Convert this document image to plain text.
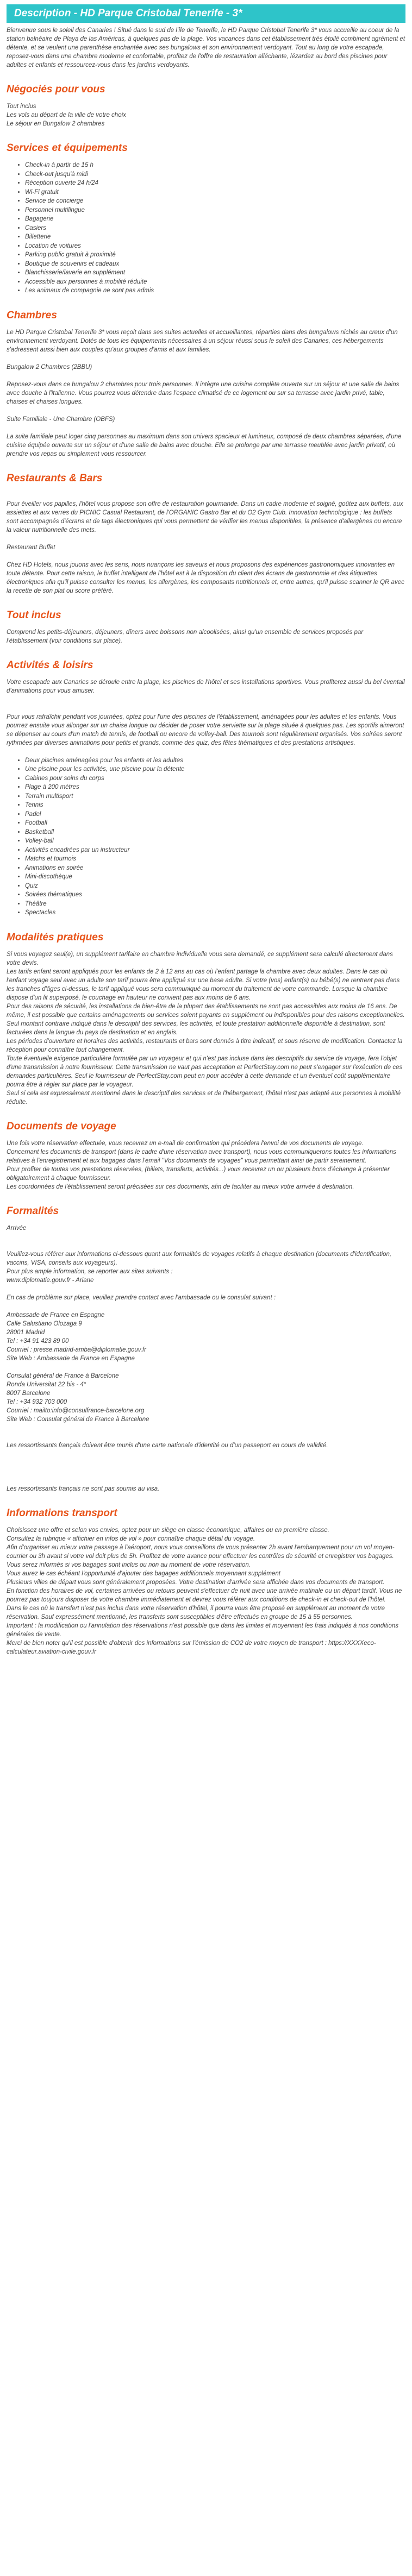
Description - HD Parque Cristobal Tenerife - 3*

Bienvenue sous le soleil des Canaries ! Situé dans le sud de l'île de Tenerife, le HD Parque Cristobal Tenerife 3* vous accueille au coeur de la station balnéaire de Playa de las Américas, à quelques pas de la plage. Vos vacances dans cet établissement très étoilé combinent agrément et détente, et se veulent une parenthèse enchantée avec ses bungalows et son environnement verdoyant. Tout au long de votre escapade, reposez-vous dans une chambre moderne et confortable, profitez de l'offre de restauration alléchante, lézardez au bord des piscines pour adultes et enfants et ressourcez-vous dans les jardins verdoyants.

Négociés pour vous

Tout inclus
Les vols au départ de la ville de votre choix
Le séjour en Bungalow 2 chambres

Services et équipements
• Check-in à partir de 15 h
• Check-out jusqu'à midi
• Réception ouverte 24 h/24
• Wi-Fi gratuit
• Service de concierge
• Personnel multilingue
• Bagagerie
• Casiers
• Billetterie
• Location de voitures
• Parking public gratuit à proximité
• Boutique de souvenirs et cadeaux
• Blanchisserie/laverie en supplément
• Accessible aux personnes à mobilité réduite
• Les animaux de compagnie ne sont pas admis
Chambres

Le HD Parque Cristobal Tenerife 3* vous reçoit dans ses suites actuelles et accueillantes, réparties dans des bungalows nichés au creux d'un environnement verdoyant. Dotés de tous les équipements nécessaires à un séjour réussi sous le soleil des Canaries, ces hébergements s'adressent aussi bien aux couples qu'aux groupes d'amis et aux familles.

Bungalow 2 Chambres (2BBU)

Reposez-vous dans ce bungalow 2 chambres pour trois personnes. Il intègre une cuisine complète ouverte sur un séjour et une salle de bains avec douche à l'italienne. Vous pourrez vous détendre dans l'espace climatisé de ce logement ou sur sa terrasse avec jardin privé, table, chaises et chaises longues.

Suite Familiale - Une Chambre (OBFS)

La suite familiale peut loger cinq personnes au maximum dans son univers spacieux et lumineux, composé de deux chambres séparées, d'une cuisine équipée ouverte sur un séjour et d'une salle de bains avec douche. Elle se prolonge par une terrasse meublée avec jardin privatif, où prendre vos repas ou simplement vous ressourcer.

Restaurants & Bars

Pour éveiller vos papilles, l'hôtel vous propose son offre de restauration gourmande. Dans un cadre moderne et soigné, goûtez aux buffets, aux assiettes et aux verres du PICNIC Casual Restaurant, de l'ORGANIC Gastro Bar et du O2 Gym Club. Innovation technologique : les buffets sont accompagnés d'écrans et de tags électroniques qui vous permettent de vérifier les menus disponibles, la présence d'allergènes ou encore la valeur nutritionnelle des mets.

Restaurant Buffet

Chez HD Hotels, nous jouons avec les sens, nous nuançons les saveurs et nous proposons des expériences gastronomiques innovantes en toute détente. Pour cette raison, le buffet intelligent de l'hôtel est à la disposition du client des écrans de gastronomie et des étiquettes électroniques afin qu'il puisse consulter les menus, les allergènes, les composants nutritionnels et, entre autres, qu'il puisse scanner le QR avec la recette de son plat ou score préféré.

Tout inclus

Comprend les petits-déjeuners, déjeuners, dîners avec boissons non alcoolisées, ainsi qu'un ensemble de services proposés par l'établissement (voir conditions sur place).

Activités & loisirs

Votre escapade aux Canaries se déroule entre la plage, les piscines de l'hôtel et ses installations sportives. Vous profiterez aussi du bel éventail d'animations pour vous amuser.

Pour vous rafraîchir pendant vos journées, optez pour l'une des piscines de l'établissement, aménagées pour les adultes et les enfants. Vous pourrez ensuite vous allonger sur un chaise longue ou décider de poser votre serviette sur la plage située à quelques pas. Les sportifs aimeront se dépenser au cours d'un match de tennis, de football ou encore de volley-ball. Des tournois sont régulièrement organisés. Vos soirées seront rythmées par diverses animations pour petits et grands, comme des quiz, des fêtes thématiques et des prestations artistiques.

• Deux piscines aménagées pour les enfants et les adultes
• Une piscine pour les activités, une piscine pour la détente
• Cabines pour soins du corps
• Plage à 200 mètres
• Terrain multisport
• Tennis
• Padel
• Football
• Basketball
• Volley-ball
• Activités encadrées par un instructeur
• Matchs et tournois
• Animations en soirée
• Mini-discothèque
• Quiz
• Soirées thématiques
• Théâtre
• Spectacles
Modalités pratiques

Si vous voyagez seul(e), un supplément tarifaire en chambre individuelle vous sera demandé, ce supplément sera calculé directement dans votre devis.
Les tarifs enfant seront appliqués pour les enfants de 2 à 12 ans au cas où l'enfant partage la chambre avec deux adultes. Dans le cas où l'enfant voyage seul avec un adulte son tarif pourra être appliqué sur une base adulte. Si votre (vos) enfant(s) ou bébé(s) ne rentrent pas dans les tranches d'âges ci-dessus, le tarif appliqué vous sera communiqué au moment du traitement de votre commande. Lorsque la chambre dispose d'un lit superposé, le couchage en hauteur ne convient pas aux moins de 6 ans.
Pour des raisons de sécurité, les installations de bien-être de la plupart des établissements ne sont pas accessibles aux moins de 16 ans. De même, il est possible que certains aménagements ou services soient payants en supplément ou indisponibles pour des raisons exceptionnelles.
Seul montant contraire indiqué dans le descriptif des services, les activités, et toute prestation additionnelle disponible à destination, sont facturées dans la langue du pays de destination et en anglais.
Les périodes d'ouverture et horaires des activités, restaurants et bars sont donnés à titre indicatif, et sous réserve de modification. Contactez la réception pour connaître tout changement.
Toute éventuelle exigence particulière formulée par un voyageur et qui n'est pas incluse dans les descriptifs du service de voyage, fera l'objet d'une transmission à notre fournisseur. Cette transmission ne vaut pas acceptation et PerfectStay.com ne peut s'engager sur l'exécution de ces demandes particulières. Seul le fournisseur de PerfectStay.com peut en pour accéder à cette demande et un éventuel coût supplémentaire pourra être à régler sur place par le voyageur.
Seul si cela est expressément mentionné dans le descriptif des services et de l'hébergement, l'hôtel n'est pas adapté aux personnes à mobilité réduite.

Documents de voyage

Une fois votre réservation effectuée, vous recevrez un e-mail de confirmation qui précédera l'envoi de vos documents de voyage.
Concernant les documents de transport (dans le cadre d'une réservation avec transport), nous vous communiquerons toutes les informations relatives à l'enregistrement et aux bagages dans l'email "Vos documents de voyages" vous permettant ainsi de partir sereinement.
Pour profiter de toutes vos prestations réservées, (billets, transferts, activités...) vous recevrez un ou plusieurs bons d'échange à présenter obligatoirement à chaque fournisseur.
Les coordonnées de l'établissement seront précisées sur ces documents, afin de faciliter au mieux votre arrivée à destination.

Formalités

Arrivée

Veuillez-vous référer aux informations ci-dessous quant aux formalités de voyages relatifs à chaque destination (documents d'identification, vaccins, VISA, conseils aux voyageurs).

Pour plus ample information, se reporter aux sites suivants :
www.diplomatie.gouv.fr - Ariane

En cas de problème sur place, veuillez prendre contact avec l'ambassade ou le consulat suivant :

Ambassade de France en Espagne
Calle Salustiano Olozaga 9
28001 Madrid
Tel : +34 91 423 89 00
Courriel : presse.madrid-amba@diplomatie.gouv.fr
Site Web : Ambassade de France en Espagne

Consulat général de France à Barcelone
Ronda Universitat 22 bis - 4°
8007 Barcelone
Tel : +34 932 703 000
Courriel : mailto:info@consulfrance-barcelone.org
Site Web : Consulat général de France à Barcelone

Les ressortissants français doivent être munis d'une carte nationale d'identité ou d'un passeport en cours de validité.

Les ressortissants français ne sont pas soumis au visa.

Informations transport

Choisissez une offre et selon vos envies, optez pour un siège en classe économique, affaires ou en première classe.
Consultez la rubrique « affichier en infos de vol » pour connaître chaque détail du voyage.
Afin d'organiser au mieux votre passage à l'aéroport, nous vous conseillons de vous présenter 2h avant l'embarquement pour un vol moyen-courrier ou 3h avant si votre vol doit plus de 5h. Profitez de votre avance pour effectuer les contrôles de sécurité et enregistrer vos bagages.
Vous serez informés si vos bagages sont inclus ou non au moment de votre réservation.
Vous aurez le cas échéant l'opportunité d'ajouter des bagages additionnels moyennant supplément
Plusieurs villes de départ vous sont généralement proposées. Votre destination d'arrivée sera affichée dans vos documents de transport.
En fonction des horaires de vol, certaines arrivées ou retours peuvent s'effectuer de nuit avec une arrivée matinale ou un départ tardif. Vous ne pourrez pas toujours disposer de votre chambre immédiatement et devrez vous référer aux conditions de check-in et check-out de l'hôtel.
Dans le cas où le transfert n'est pas inclus dans votre réservation d'hôtel, il pourra vous être proposé en supplément au moment de votre réservation. Sauf expressément mentionné, les transferts sont susceptibles d'être effectués en groupe de 15 à 55 personnes.
Important : la modification ou l'annulation des réservations n'est possible que dans les limites et moyennant les frais indiqués à nos conditions générales de vente.
Merci de bien noter qu'il est possible d'obtenir des informations sur l'émission de CO2 de votre moyen de transport : https://XXXXeco-calculateur.aviation-civile.gouv.fr
